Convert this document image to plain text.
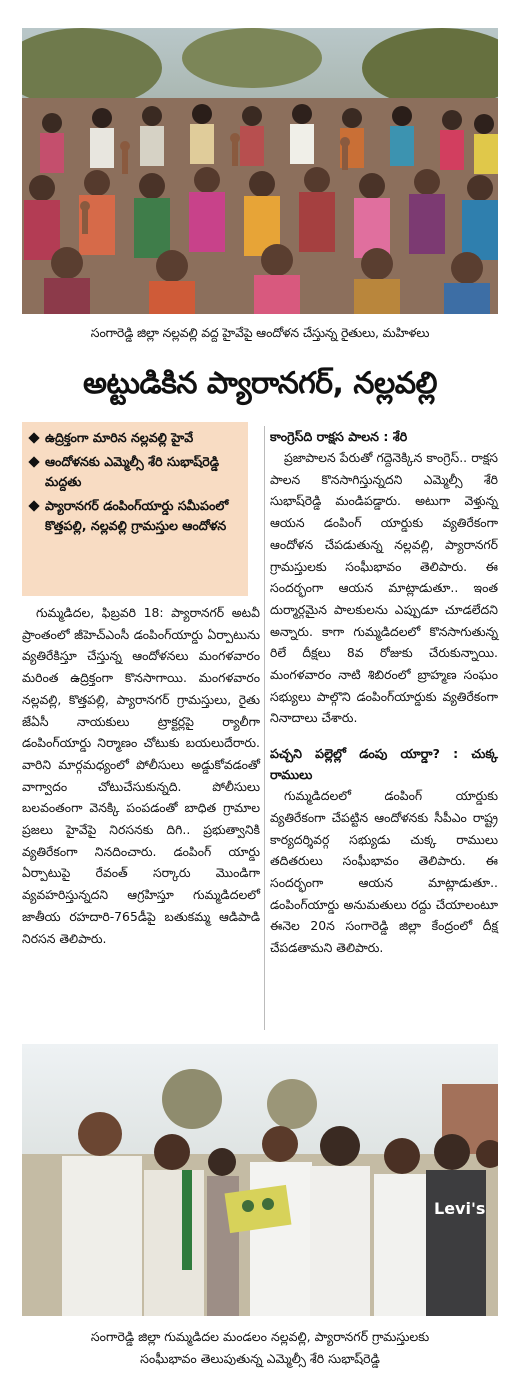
సంగారెడ్డి జిల్లా నల్లవల్లి వద్ద హైవేపై ఆందోళన చేస్తున్న రైతులు, మహిళలు
అట్టుడికిన ప్యారానగర్, నల్లవల్లి
ఉద్రిక్తంగా మారిన నల్లవల్లి హైవే
ఆందోళనకు ఎమ్మెల్సీ శేరి సుభాష్‌రెడ్డి మద్దతు
ప్యారానగర్ డంపింగ్‌యార్డు సమీపంలో కొత్తపల్లి, నల్లవల్లి గ్రామస్తుల ఆందోళన

గుమ్మడిదల, ఫిబ్రవరి 18: ప్యారానగర్ అటవీ ప్రాంతంలో జీహెచ్‌ఎంసీ డంపింగ్‌యార్డు ఏర్పాటును వ్యతిరేకిస్తూ చేస్తున్న ఆందోళనలు మంగళవారం మరింత ఉద్రిక్తంగా కొనసాగాయి. మంగళవారం నల్లవల్లి, కొత్తపల్లి, ప్యారానగర్ గ్రామస్తులు, రైతు జేఏసీ నాయకులు ట్రాక్టర్లపై ర్యాలీగా డంపింగ్‌యార్డు నిర్మాణం చోటుకు బయలుదేరారు. వారిని మార్గమధ్యంలో పోలీసులు అడ్డుకోవడంతో వాగ్వాదం చోటుచేసుకున్నది. పోలీసులు బలవంతంగా వెనక్కి పంపడంతో బాధిత గ్రామాల ప్రజలు హైవేపై నిరసనకు దిగి.. ప్రభుత్వానికి వ్యతిరేకంగా నినదించారు. డంపింగ్ యార్డు ఏర్పాటుపై రేవంత్ సర్కారు మొండిగా వ్యవహరిస్తున్నదని ఆగ్రహిస్తూ గుమ్మడిదలలో జాతీయ రహదారి-765డీపై బతుకమ్మ ఆడిపాడి నిరసన తెలిపారు.

కాంగ్రెస్‌ది రాక్షస పాలన : శేరి

ప్రజాపాలన పేరుతో గద్దెనెక్కిన కాంగ్రెస్.. రాక్షస పాలన కొనసాగిస్తున్నదని ఎమ్మెల్సీ శేరి సుభాష్‌రెడ్డి మండిపడ్డారు. అటుగా వెళ్తున్న ఆయన డంపింగ్ యార్డుకు వ్యతిరేకంగా ఆందోళన చేపడుతున్న నల్లవల్లి, ప్యారానగర్ గ్రామస్తులకు సంఘీభావం తెలిపారు. ఈ సందర్భంగా ఆయన మాట్లాడుతూ.. ఇంత దుర్మార్గమైన పాలకులను ఎప్పుడూ చూడలేదని అన్నారు. కాగా గుమ్మడిదలలో కొనసాగుతున్న రిలే దీక్షలు 8వ రోజుకు చేరుకున్నాయి. మంగళవారం నాటి శిబిరంలో బ్రాహ్మణ సంఘం సభ్యులు పాల్గొని డంపింగ్‌యార్డుకు వ్యతిరేకంగా నినాదాలు చేశారు.

పచ్చని పల్లెల్లో డంపు యార్డా? : చుక్క రాములు

గుమ్మడిదలలో డంపింగ్ యార్డుకు వ్యతిరేకంగా చేపట్టిన ఆందోళనకు సీపీఎం రాష్ట్ర కార్యదర్శివర్గ సభ్యుడు చుక్క రాములు తదితరులు సంఘీభావం తెలిపారు. ఈ సందర్భంగా ఆయన మాట్లాడుతూ.. డంపింగ్‌యార్డు అనుమతులు రద్దు చేయాలంటూ ఈనెల 20న సంగారెడ్డి జిల్లా కేంద్రంలో దీక్ష చేపడతామని తెలిపారు.

Levi's
సంగారెడ్డి జిల్లా గుమ్మడిదల మండలం నల్లవల్లి, ప్యారానగర్ గ్రామస్తులకు
సంఘీభావం తెలుపుతున్న ఎమ్మెల్సీ శేరి సుభాష్‌రెడ్డి
